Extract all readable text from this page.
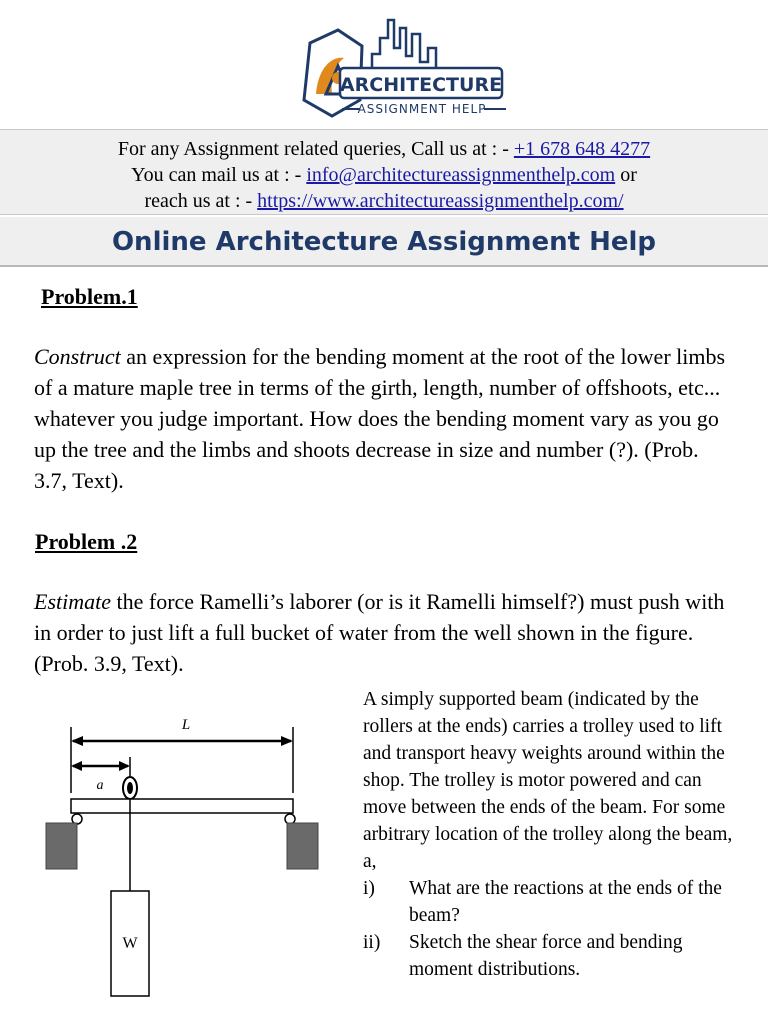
ARCHITECTURE
ASSIGNMENT HELP
For any Assignment related queries, Call us at : - +1 678 648 4277
You can mail us at : - info@architectureassignmenthelp.com or
reach us at : - https://www.architectureassignmenthelp.com/
Online Architecture Assignment Help
Problem.1
Construct an expression for the bending moment at the root of the lower limbs of a mature maple tree in terms of the girth, length, number of offshoots, etc... whatever you judge important. How does the bending moment vary as you go up the tree and the limbs and shoots decrease in size and number (?). (Prob. 3.7, Text).
Problem .2
Estimate the force Ramelli’s laborer (or is it Ramelli himself?) must push with in order to just lift a full bucket of water from the well shown in the figure. (Prob. 3.9, Text).
L
a
W
A simply supported beam (indicated by the rollers at the ends) carries a trolley used to lift and transport heavy weights around within the shop. The trolley is motor powered and can move between the ends of the beam. For some arbitrary location of the trolley along the beam, a,
i)	What are the reactions at the ends of the beam?
ii)	Sketch the shear force and bending moment distributions.
